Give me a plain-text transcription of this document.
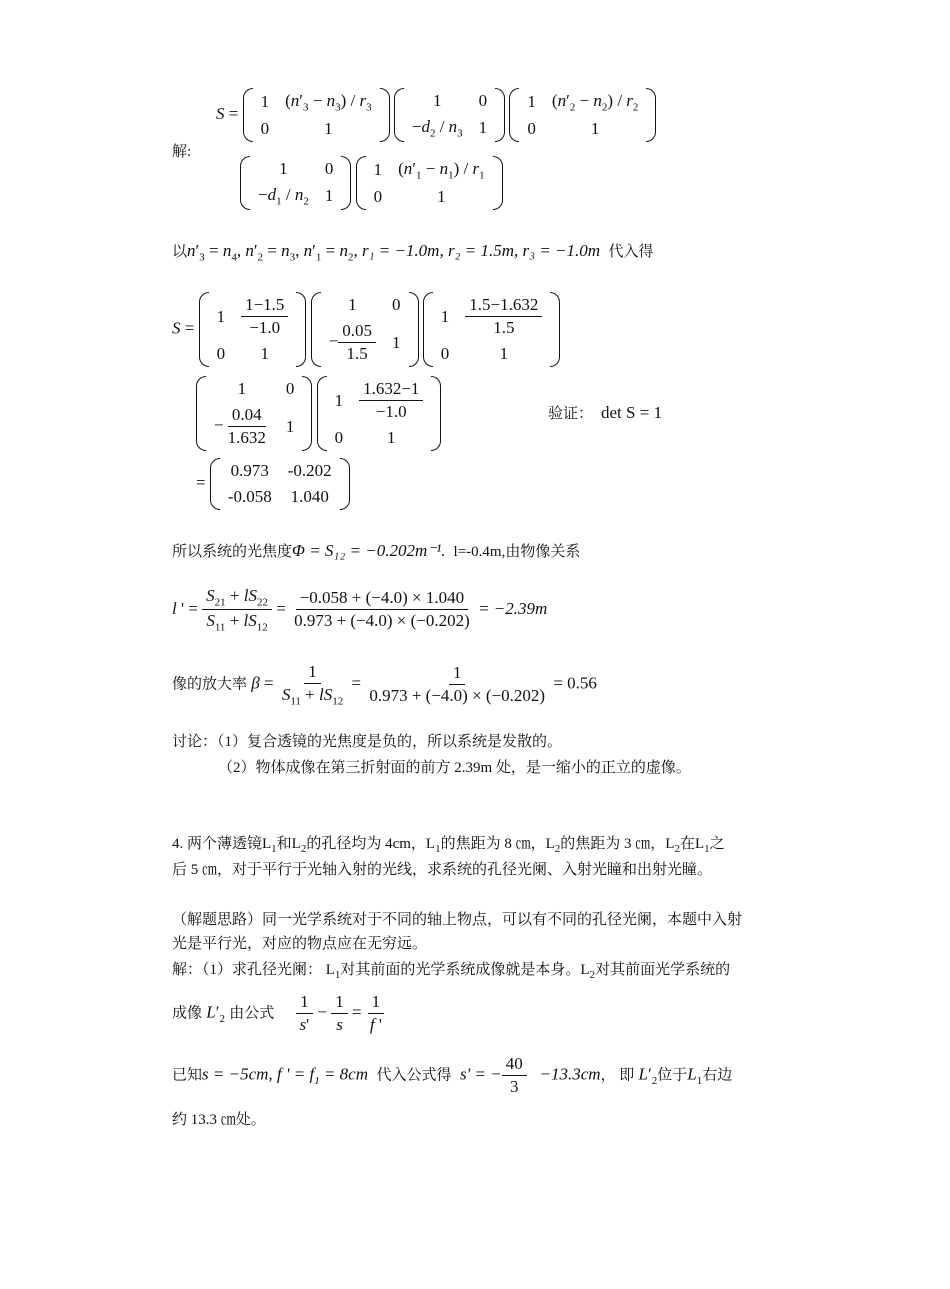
解:
S =
1	$(n'_3 - n_3) / r_3$
0	1

1	0
$-d_2 / n_3$	1

1	$(n'_2 - n_2) / r_2$
0	1
1	0
$-d_1 / n_2$	1

1	$(n'_1 - n_1) / r_1$
0	1
以$n'_3 = n_4$, $n'_2 = n_3$, $n'_1 = n_2$, r₁ = −1.0m, r₂ = 1.5m, r₃ = −1.0m 代入得
S =
1	$\frac{1-1.5}{-1.0}$

0	1

1	0
− $\frac{0.05}{1.5}$	1

1	$\frac{1.5-1.632}{1.5}$

0	1
1	0
− $\frac{0.04}{1.632}$	1

1	$\frac{1.632-1}{-1.0}$

0	1
验证： det S = 1
=
0.973	-0.202
-0.058	1.040
所以系统的光焦度Φ = S₁₂ = −0.202m⁻¹. l=-0.4m,由物像关系
l ' = $\frac{S_{21} + lS_{22}}{S_{11} + lS_{12}} = \frac{-0.058 + (-4.0) \times 1.040}{0.973 + (-4.0) \times (-0.202)} = -2.39m$
像的放大率 $\beta = \frac{1}{S_{11} + lS_{12}} = \frac{1}{0.973 + (-4.0) \times (-0.202)} = 0.56$
讨论：（1）复合透镜的光焦度是负的，所以系统是发散的。
（2）物体成像在第三折射面的前方 2.39m 处，是一缩小的正立的虚像。
4. 两个薄透镜$L_1$和$L_2$的孔径均为 4cm，$L_1$的焦距为 8 ㎝，$L_2$的焦距为 3 ㎝，$L_2$在$L_1$之
后 5 ㎝，对于平行于光轴入射的光线，求系统的孔径光阑、入射光瞳和出射光瞳。
（解题思路）同一光学系统对于不同的轴上物点，可以有不同的孔径光阑，本题中入射
光是平行光，对应的物点应在无穷远。
解：（1）求孔径光阑： $L_1$对其前面的光学系统成像就是本身。$L_2$对其前面光学系统的
成像 $L'_2$ 由公式 $\frac{1}{s'} - \frac{1}{s} = \frac{1}{f '}$
已知s = −5cm, f ' = $f_1 = 8cm$ 代入公式得 s' = − $\frac{40}{3} -13.3cm$， 即 $L'_2$位于$L_1$右边
约 13.3 ㎝处。
